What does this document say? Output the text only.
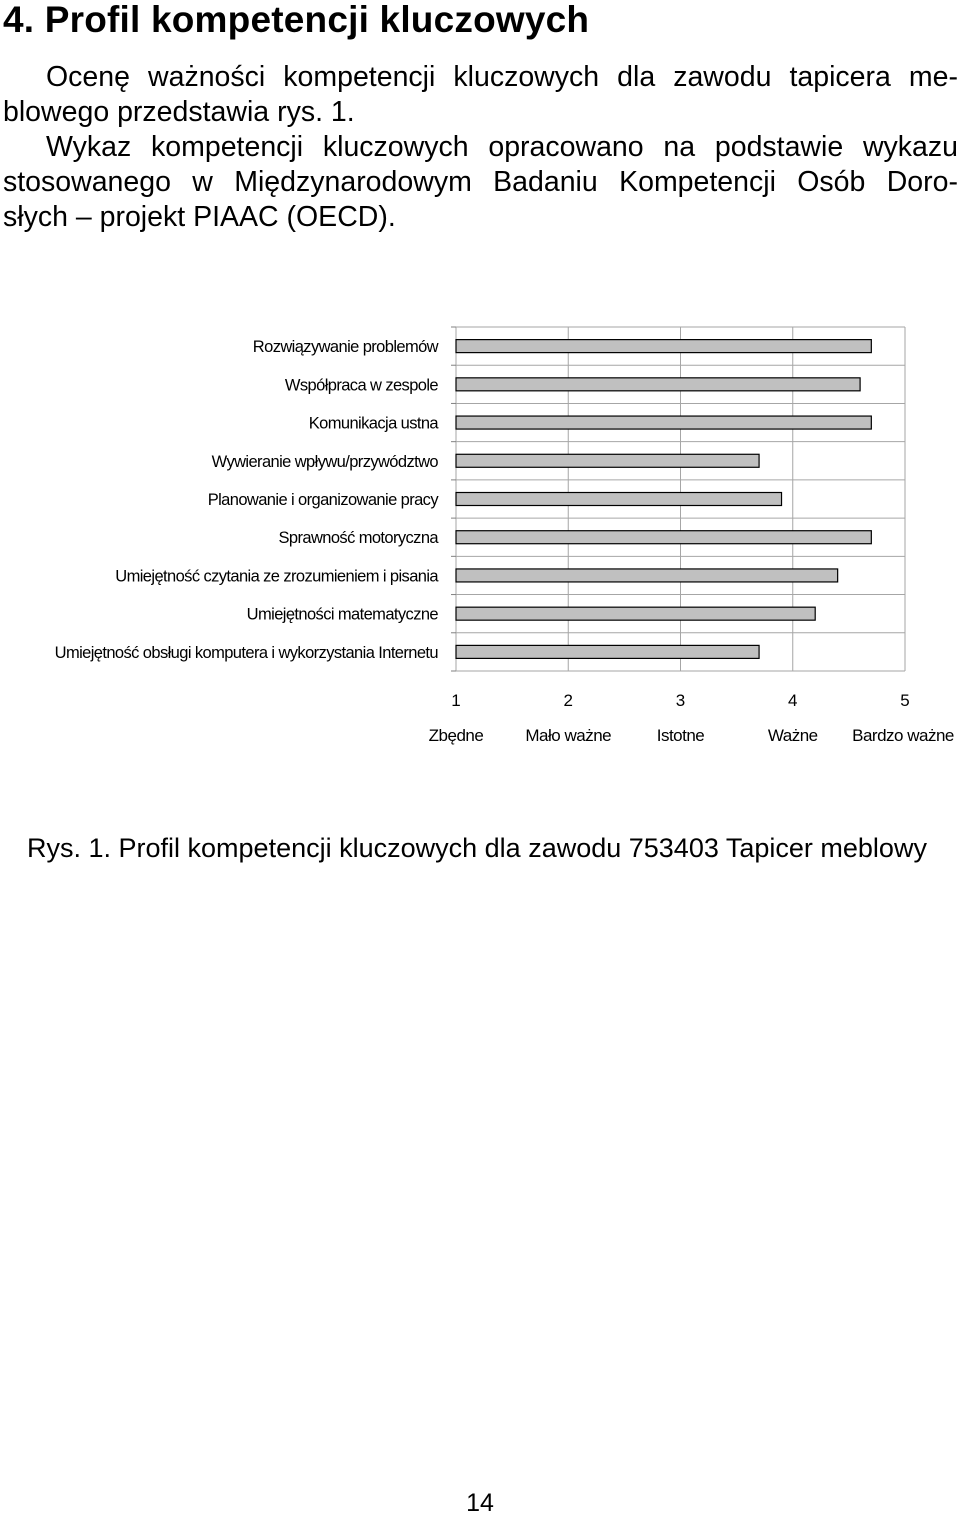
4. Profil kompetencji kluczowych

Ocenę ważności kompetencji kluczowych dla zawodu tapicera me-
blowego przedstawia rys. 1.

Wykaz kompetencji kluczowych opracowano na podstawie wykazu
stosowanego w Międzynarodowym Badaniu Kompetencji Osób Doro-
słych – projekt PIAAC (OECD).

Rozwiązywanie problemów
Współpraca w zespole
Komunikacja ustna
Wywieranie wpływu/przywództwo
Planowanie i organizowanie pracy
Sprawność motoryczna
Umiejętność czytania ze zrozumieniem i pisania
Umiejętności matematyczne
Umiejętność obsługi komputera i wykorzystania Internetu
1
Zbędne
2
Mało ważne
3
Istotne
4
Ważne
5
Bardzo ważne

Rys. 1. Profil kompetencji kluczowych dla zawodu 753403 Tapicer meblowy

14
